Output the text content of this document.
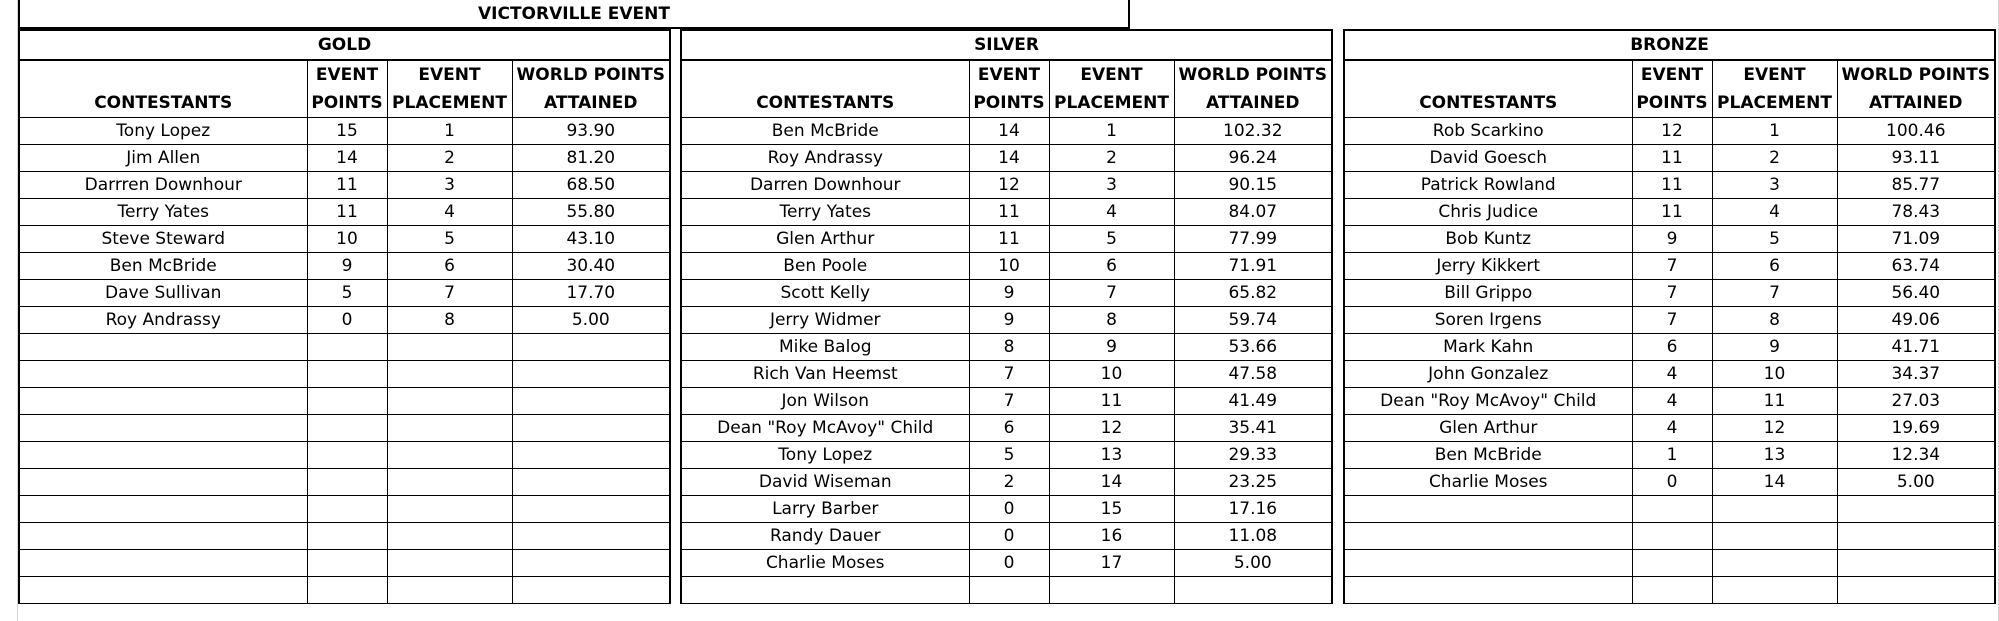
VICTORVILLE EVENT
GOLD			
CONTESTANTS	EVENT POINTS	EVENT PLACEMENT	WORLD POINTS ATTAINED
Tony Lopez	15	1	93.90
Jim Allen	14	2	81.20
Darrren Downhour	11	3	68.50
Terry Yates	11	4	55.80
Steve Steward	10	5	43.10
Ben McBride	9	6	30.40
Dave Sullivan	5	7	17.70
Roy Andrassy	0	8	5.00

SILVER			
CONTESTANTS	EVENT POINTS	EVENT PLACEMENT	WORLD POINTS ATTAINED
Ben McBride	14	1	102.32
Roy Andrassy	14	2	96.24
Darren Downhour	12	3	90.15
Terry Yates	11	4	84.07
Glen Arthur	11	5	77.99
Ben Poole	10	6	71.91
Scott Kelly	9	7	65.82
Jerry Widmer	9	8	59.74
Mike Balog	8	9	53.66
Rich Van Heemst	7	10	47.58
Jon Wilson	7	11	41.49
Dean "Roy McAvoy" Child	6	12	35.41
Tony Lopez	5	13	29.33
David Wiseman	2	14	23.25
Larry Barber	0	15	17.16
Randy Dauer	0	16	11.08
Charlie Moses	0	17	5.00

BRONZE			
CONTESTANTS	EVENT POINTS	EVENT PLACEMENT	WORLD POINTS ATTAINED
Rob Scarkino	12	1	100.46
David Goesch	11	2	93.11
Patrick Rowland	11	3	85.77
Chris Judice	11	4	78.43
Bob Kuntz	9	5	71.09
Jerry Kikkert	7	6	63.74
Bill Grippo	7	7	56.40
Soren Irgens	7	8	49.06
Mark Kahn	6	9	41.71
John Gonzalez	4	10	34.37
Dean "Roy McAvoy" Child	4	11	27.03
Glen Arthur	4	12	19.69
Ben McBride	1	13	12.34
Charlie Moses	0	14	5.00
